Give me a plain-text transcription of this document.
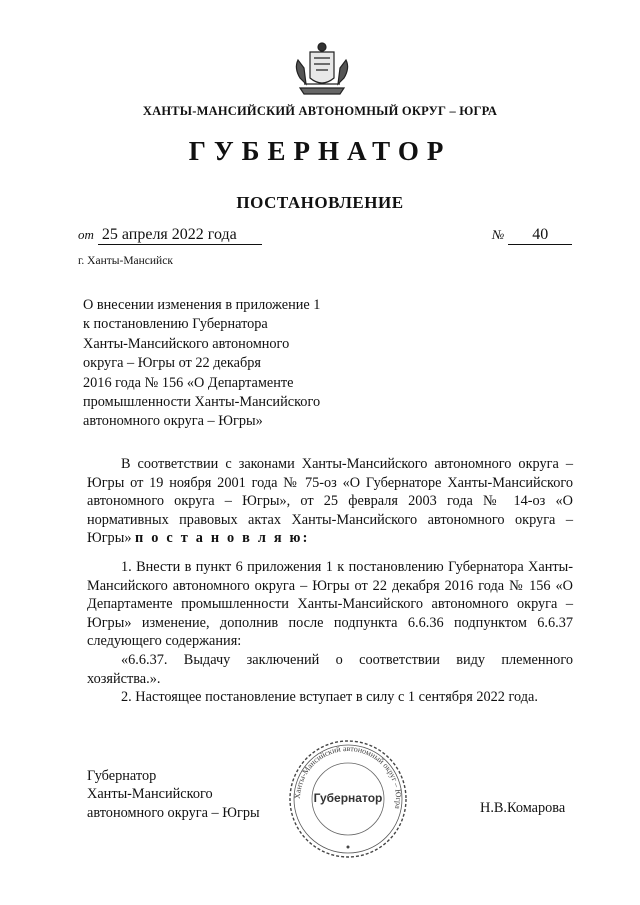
ХАНТЫ-МАНСИЙСКИЙ АВТОНОМНЫЙ ОКРУГ – ЮГРА
ГУБЕРНАТОР
ПОСТАНОВЛЕНИЕ
от 25 апреля 2022 года	№ 40
г. Ханты-Мансийск
О внесении изменения в приложение 1
к постановлению Губернатора
Ханты-Мансийского автономного
округа – Югры от 22 декабря
2016 года № 156 «О Департаменте
промышленности Ханты-Мансийского
автономного округа – Югры»
В соответствии с законами Ханты-Мансийского автономного округа – Югры от 19 ноября 2001 года № 75-оз «О Губернаторе Ханты-Мансийского автономного округа – Югры», от 25 февраля 2003 года № 14-оз «О нормативных правовых актах Ханты-Мансийского автономного округа – Югры» п о с т а н о в л я ю:
1. Внести в пункт 6 приложения 1 к постановлению Губернатора Ханты-Мансийского автономного округа – Югры от 22 декабря 2016 года № 156 «О Департаменте промышленности Ханты-Мансийского автономного округа – Югры» изменение, дополнив после подпункта 6.6.36 подпунктом 6.6.37 следующего содержания:
«6.6.37. Выдачу заключений о соответствии виду племенного хозяйства.».
2. Настоящее постановление вступает в силу с 1 сентября 2022 года.
Губернатор
Ханты-Мансийского
автономного округа – Югры
Ханты-Мансийский автономный округ – Югра
Губернатор
Н.В.Комарова
